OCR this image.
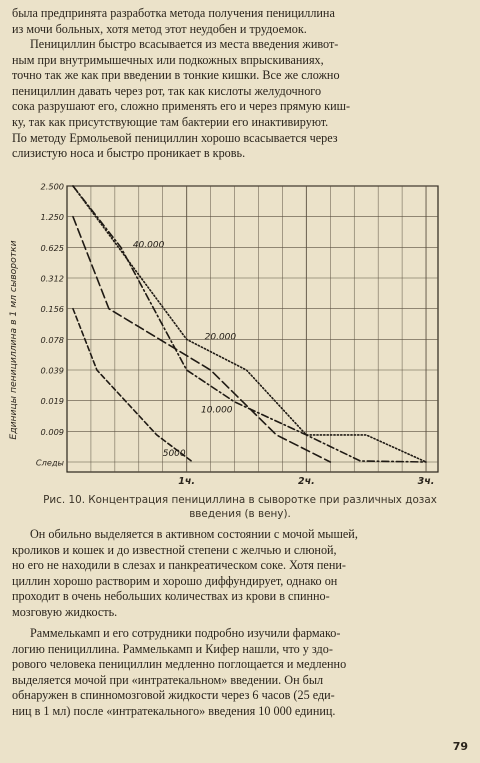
была предпринята разработка метода получения пенициллина
из мочи больных, хотя метод этот неудобен и трудоемок.
Пенициллин быстро всасывается из места введения живот-
ным при внутримышечных или подкожных впрыскиваниях,
точно так же как при введении в тонкие кишки. Все же сложно
пенициллин давать через рот, так как кислоты желудочного
сока разрушают его, сложно применять его и через прямую киш-
ку, так как присутствующие там бактерии его инактивируют.
По методу Ермольевой пенициллин хорошо всасывается через
слизистую носа и быстро проникает в кровь.
2.500
1.250
0.625
0.312
0.156
0.078
0.039
0.019
0.009
Следы
1ч.	2ч.	3ч.
40.000
20.000
10.000
5000
Единицы пенициллина в 1 мл сыворотки
Рис. 10. Концентрация пенициллина в сыворотке при различных дозах
введения (в вену).
Он обильно выделяется в активном состоянии с мочой мышей,
кроликов и кошек и до известной степени с желчью и слюной,
но его не находили в слезах и панкреатическом соке. Хотя пени-
циллин хорошо растворим и хорошо диффундирует, однако он
проходит в очень небольших количествах из крови в спинно-
мозговую жидкость.
Раммелькамп и его сотрудники подробно изучили фармако-
логию пенициллина. Раммелькамп и Кифер нашли, что у здо-
рового человека пенициллин медленно поглощается и медленно
выделяется мочой при «интратекальном» введении. Он был
обнаружен в спинномозговой жидкости через 6 часов (25 еди-
ниц в 1 мл) после «интратекального» введения 10 000 единиц.
79
